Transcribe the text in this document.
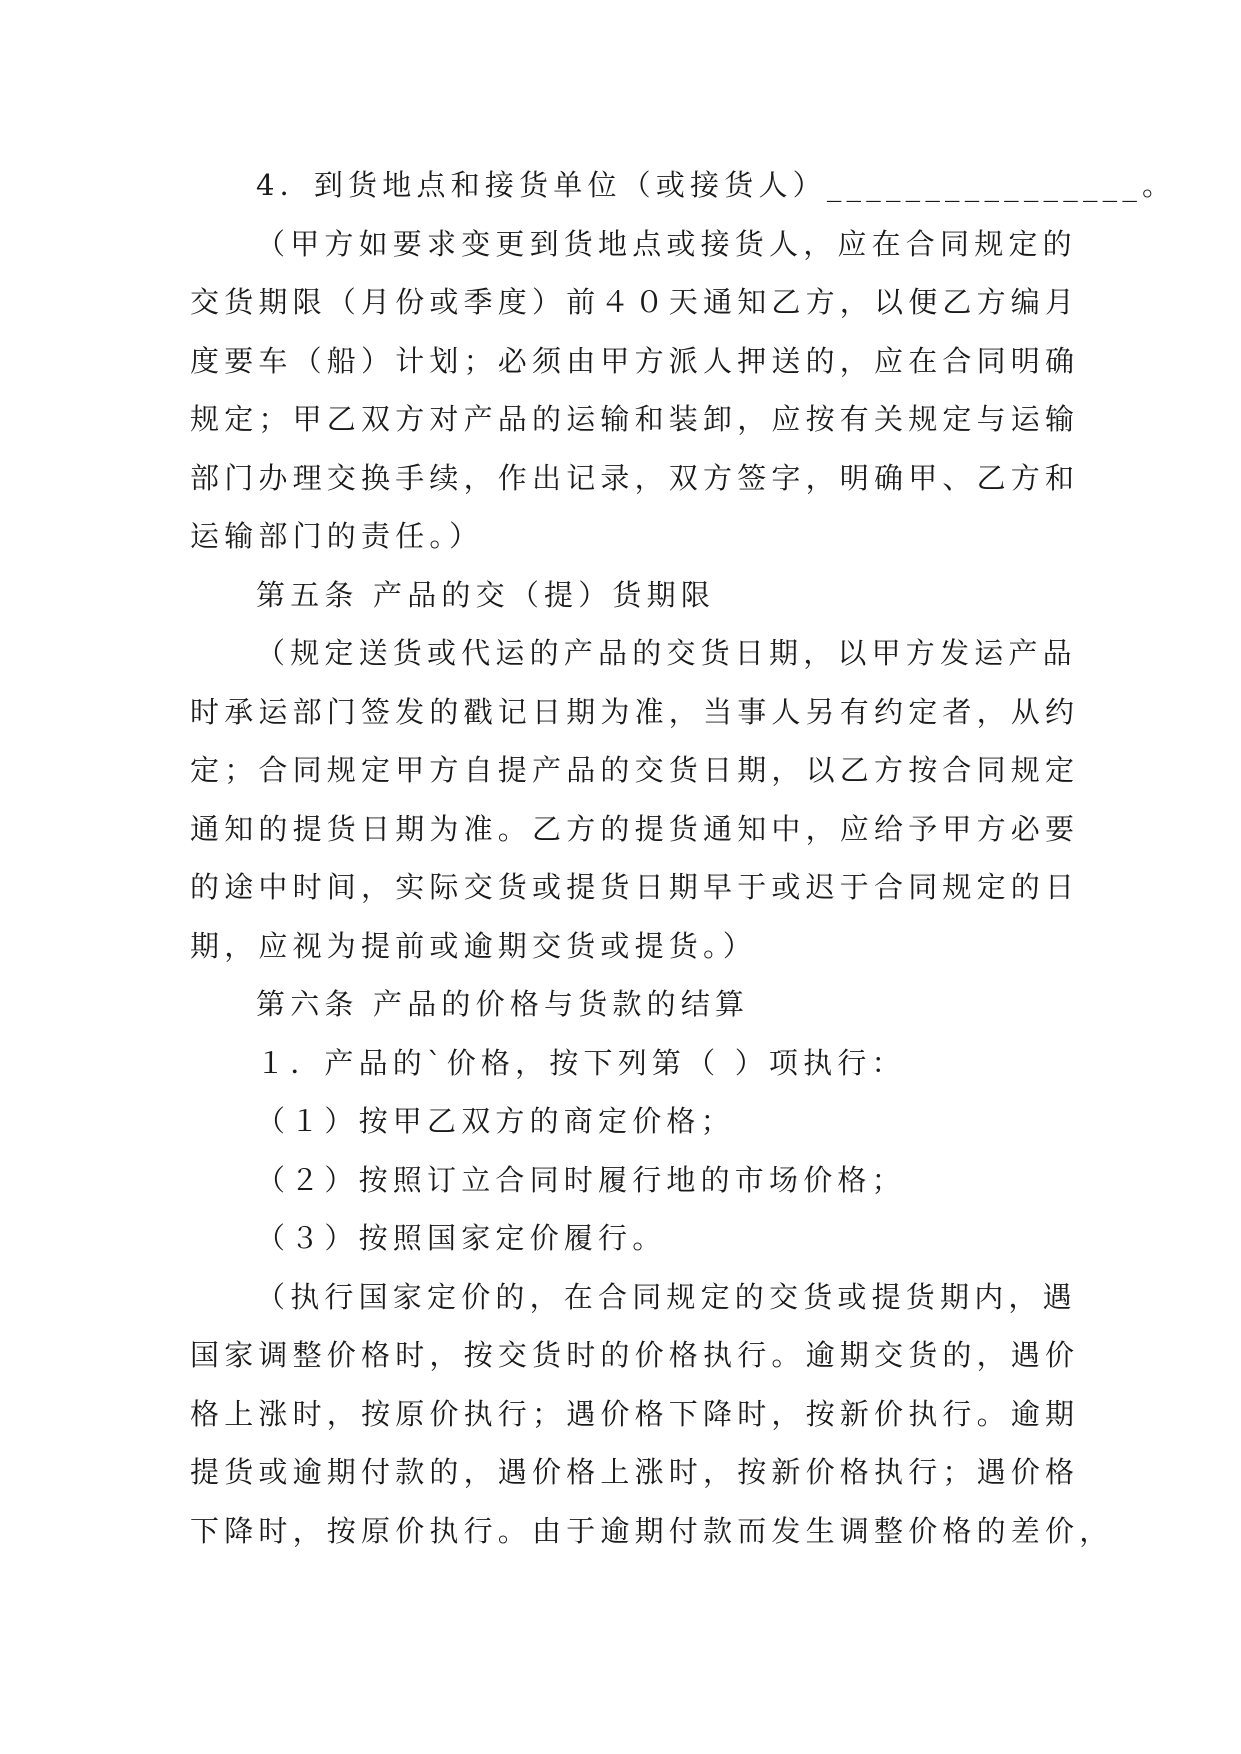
4．到货地点和接货单位（或接货人）________________。
（甲方如要求变更到货地点或接货人，应在合同规定的
交货期限（月份或季度）前４０天通知乙方，以便乙方编月
度要车（船）计划；必须由甲方派人押送的，应在合同明确
规定；甲乙双方对产品的运输和装卸，应按有关规定与运输
部门办理交换手续，作出记录，双方签字，明确甲、乙方和
运输部门的责任。）
第五条 产品的交（提）货期限
（规定送货或代运的产品的交货日期，以甲方发运产品
时承运部门签发的戳记日期为准，当事人另有约定者，从约
定；合同规定甲方自提产品的交货日期，以乙方按合同规定
通知的提货日期为准。乙方的提货通知中，应给予甲方必要
的途中时间，实际交货或提货日期早于或迟于合同规定的日
期，应视为提前或逾期交货或提货。）
第六条 产品的价格与货款的结算
１．产品的`价格，按下列第（ ）项执行：
（１）按甲乙双方的商定价格；
（２）按照订立合同时履行地的市场价格；
（３）按照国家定价履行。
（执行国家定价的，在合同规定的交货或提货期内，遇
国家调整价格时，按交货时的价格执行。逾期交货的，遇价
格上涨时，按原价执行；遇价格下降时，按新价执行。逾期
提货或逾期付款的，遇价格上涨时，按新价格执行；遇价格
下降时，按原价执行。由于逾期付款而发生调整价格的差价，
